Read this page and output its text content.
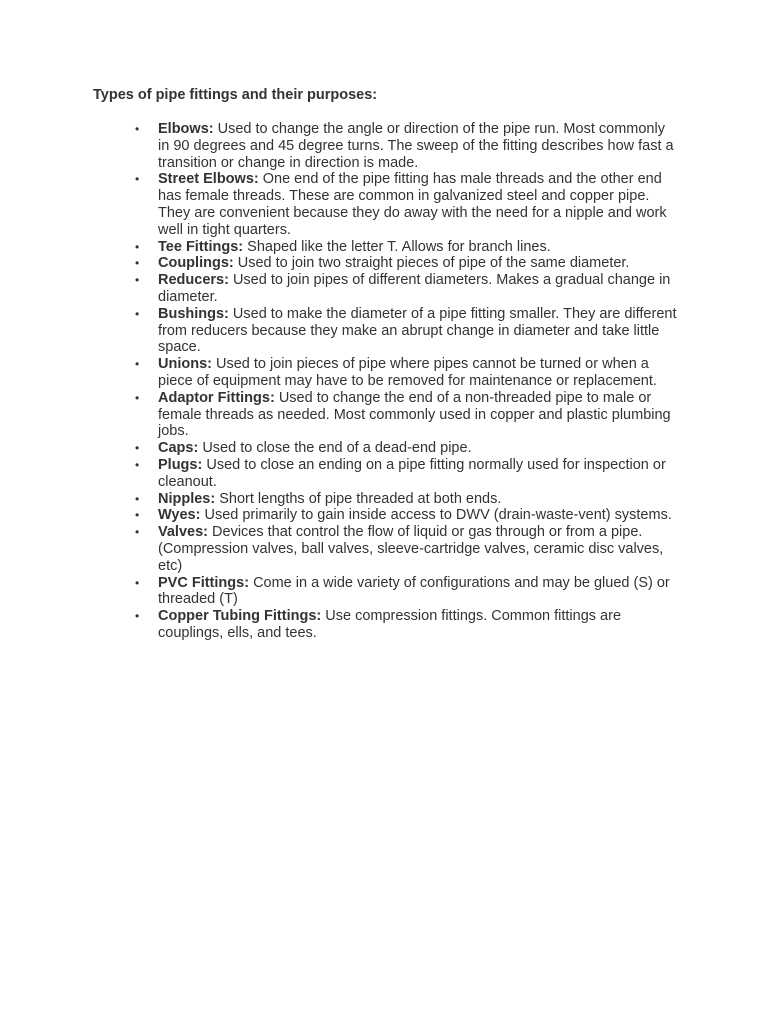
Types of pipe fittings and their purposes:

• Elbows: Used to change the angle or direction of the pipe run. Most commonly in 90 degrees and 45 degree turns. The sweep of the fitting describes how fast a transition or change in direction is made.
• Street Elbows: One end of the pipe fitting has male threads and the other end has female threads. These are common in galvanized steel and copper pipe. They are convenient because they do away with the need for a nipple and work well in tight quarters.
• Tee Fittings: Shaped like the letter T. Allows for branch lines.
• Couplings: Used to join two straight pieces of pipe of the same diameter.
• Reducers: Used to join pipes of different diameters. Makes a gradual change in diameter.
• Bushings: Used to make the diameter of a pipe fitting smaller. They are different from reducers because they make an abrupt change in diameter and take little space.
• Unions: Used to join pieces of pipe where pipes cannot be turned or when a piece of equipment may have to be removed for maintenance or replacement.
• Adaptor Fittings: Used to change the end of a non-threaded pipe to male or female threads as needed. Most commonly used in copper and plastic plumbing jobs.
• Caps: Used to close the end of a dead-end pipe.
• Plugs: Used to close an ending on a pipe fitting normally used for inspection or cleanout.
• Nipples: Short lengths of pipe threaded at both ends.
• Wyes: Used primarily to gain inside access to DWV (drain-waste-vent) systems.
• Valves: Devices that control the flow of liquid or gas through or from a pipe. (Compression valves, ball valves, sleeve-cartridge valves, ceramic disc valves, etc)
• PVC Fittings: Come in a wide variety of configurations and may be glued (S) or threaded (T)
• Copper Tubing Fittings: Use compression fittings. Common fittings are couplings, ells, and tees.
